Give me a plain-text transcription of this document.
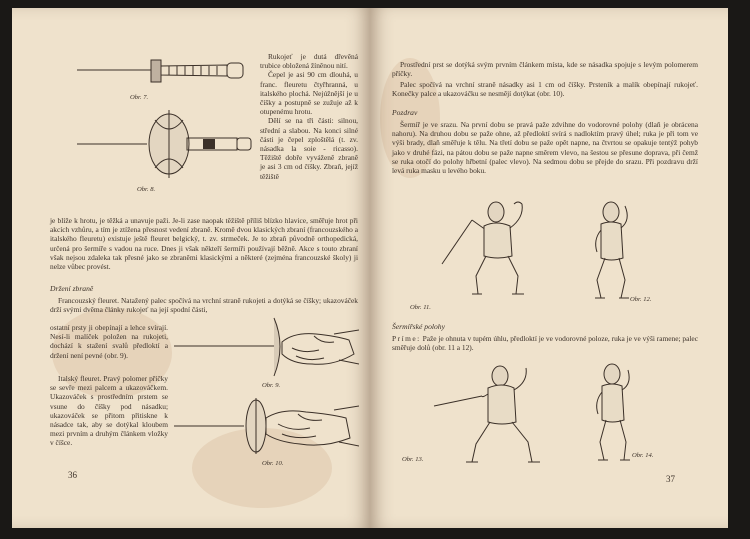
Obr. 7.
Obr. 8.

Rukojeť je dutá dřevěná trubice obložená žíněnou nití.

Čepel je asi 90 cm dlouhá, u franc. fleuretu čtyřhranná, u italského plochá. Nejúžnější je u číšky a postupně se zužuje až k otupenému hrotu.

Dělí se na tři části: silnou, střední a slabou. Na konci silné části je čepel zploštělá (t. zv. násadka la soie - ricasso). Těžiště dobře vyváženě zbraně je asi 3 cm od číšky. Zbraň, jejíž těžiště

je blíže k hrotu, je těžká a unavuje paži. Je-li zase naopak těžiště příliš blízko hlavice, směřuje hrot při akcích vzhůru, a tím je ztížena přesnost vedení zbraně. Kromě dvou klasických zbraní (francouzského a italského fleuretu) existuje ještě fleuret belgický, t. zv. strmeček. Je to zbraň původně orthopedická, určená pro šermíře s vadou na ruce. Dnes ji však někteří šermíři používají běžně. Akce s touto zbraní však nejsou zdaleka tak přesné jako se zbraněmi klasickými a některé (zejména francouzské školy) ji nelze vůbec provést.
Držení zbraně
Francouzský fleuret. Natažený palec spočívá na vrchní straně rukojeti a dotýká se číšky; ukazováček drží svými dvěma články rukojeť na její spodní části,
ostatní prsty ji obepínají a lehce svírají. Nesí-li malíček položen na rukojeti, dochází k stažení svalů předloktí a držení není pevné (obr. 9).
Italský fleuret. Pravý polomer příčky se sevře mezi palcem a ukazováčkem. Ukazováček s prostředním prstem se vsune do číšky pod násadku; ukazováček se přitom přitiskne k násadce tak, aby se dotýkal kloubem mezi prvním a druhým článkem vložky v číšce.
Obr. 9.
Obr. 10.
36
Prostřední prst se dotýká svým prvním článkem místa, kde se násadka spojuje s levým polomerem příčky.
Palec spočívá na vrchní straně násadky asi 1 cm od číšky. Prsteník a malík obepínají rukojeť. Konečky palce a ukazováčku se nesmějí dotýkat (obr. 10).
Pozdrav
Šermíř je ve srazu. Na první dobu se pravá paže zdvihne do vodorovné polohy (dlaň je obrácena nahoru). Na druhou dobu se paže ohne, až předloktí svírá s nadloktím pravý úhel; ruka je při tom ve výši brady, dlaň směřuje k tělu. Na třetí dobu se paže opět napne, na čtvrtou se opakuje tentýž pohyb jako v druhé fázi, na pátou dobu se paže napne směrem vlevo, na šestou se přesune doprava, při čemž se ruka otočí do polohy hřbetní (palec vlevo). Na sedmou dobu se přejde do srazu. Při pozdravu drží levá ruka masku u levého boku.
Obr. 11.
Obr. 12.
Šermířské polohy
Príme: Paže je ohnuta v tupém úhlu, předloktí je ve vodorovné poloze, ruka je ve výši ramene; palec směřuje dolů (obr. 11 a 12).
Obr. 13.
Obr. 14.
37
